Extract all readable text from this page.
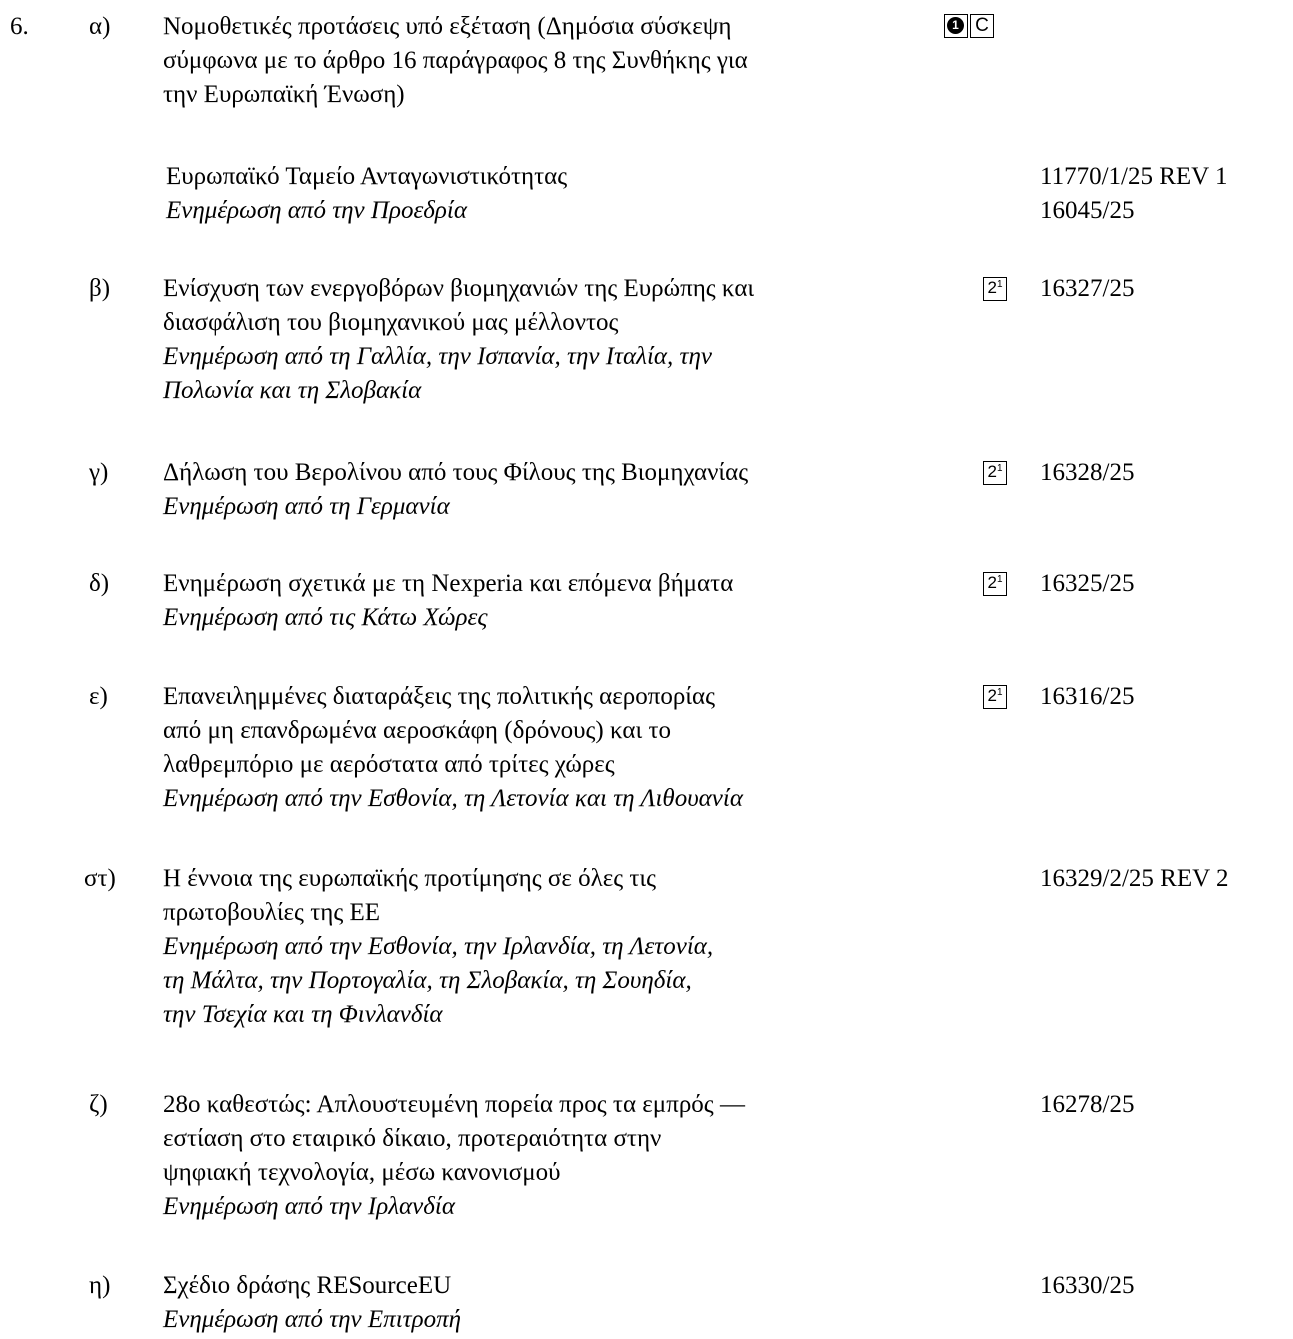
6. α) Νομοθετικές προτάσεις υπό εξέταση (Δημόσια σύσκεψη
σύμφωνα με το άρθρο 16 παράγραφος 8 της Συνθήκης για
την Ευρωπαϊκή Ένωση)
1 C
Ευρωπαϊκό Ταμείο Ανταγωνιστικότητας
Ενημέρωση από την Προεδρία
11770/1/25 REV 1
16045/25
β) Ενίσχυση των ενεργοβόρων βιομηχανιών της Ευρώπης και
διασφάλιση του βιομηχανικού μας μέλλοντος
Ενημέρωση από τη Γαλλία, την Ισπανία, την Ιταλία, την
Πολωνία και τη Σλοβακία
$2^1$ 16327/25
γ) Δήλωση του Βερολίνου από τους Φίλους της Βιομηχανίας
Ενημέρωση από τη Γερμανία
$2^1$ 16328/25
δ) Ενημέρωση σχετικά με τη Nexperia και επόμενα βήματα
Ενημέρωση από τις Κάτω Χώρες
$2^1$ 16325/25
ε) Επανειλημμένες διαταράξεις της πολιτικής αεροπορίας
από μη επανδρωμένα αεροσκάφη (δρόνους) και το
λαθρεμπόριο με αερόστατα από τρίτες χώρες
Ενημέρωση από την Εσθονία, τη Λετονία και τη Λιθουανία
$2^1$ 16316/25
στ) Η έννοια της ευρωπαϊκής προτίμησης σε όλες τις
πρωτοβουλίες της ΕΕ
Ενημέρωση από την Εσθονία, την Ιρλανδία, τη Λετονία,
τη Μάλτα, την Πορτογαλία, τη Σλοβακία, τη Σουηδία,
την Τσεχία και τη Φινλανδία
16329/2/25 REV 2
ζ) 28ο καθεστώς: Απλουστευμένη πορεία προς τα εμπρός —
εστίαση στο εταιρικό δίκαιο, προτεραιότητα στην
ψηφιακή τεχνολογία, μέσω κανονισμού
Ενημέρωση από την Ιρλανδία
16278/25
η) Σχέδιο δράσης RESourceEU
Ενημέρωση από την Επιτροπή
16330/25
